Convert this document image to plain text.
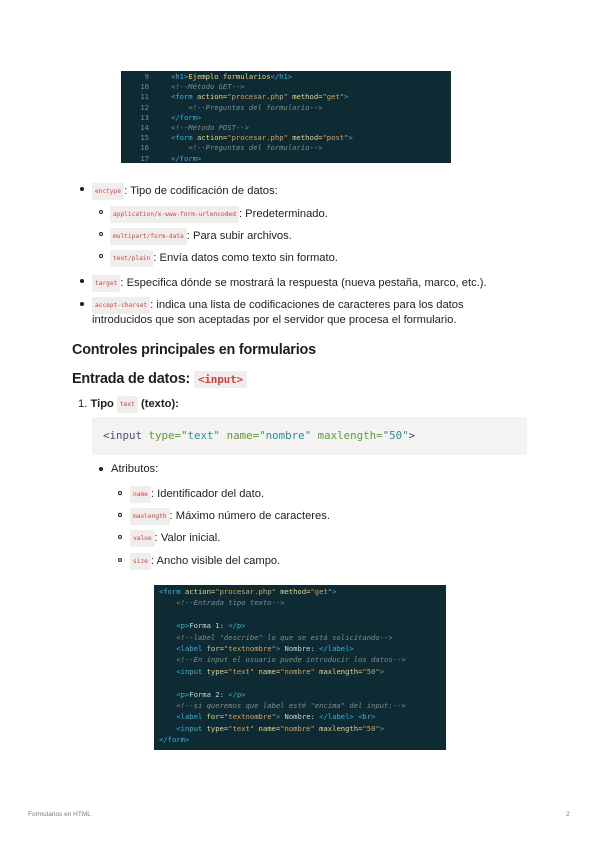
9	<h1>Ejemplo formularios</h1>
10	<!--Método GET-->
11	<form action="procesar.php" method="get">
12	<!--Preguntas del formulario-->
13	</form>
14	<!--Método POST-->
15	<form action="procesar.php" method="post">
16	<!--Preguntas del formulario-->
17	</form>
enctype : Tipo de codificación de datos:
application/x-www-form-urlencoded : Predeterminado.
multipart/form-data : Para subir archivos.
text/plain : Envía datos como texto sin formato.
target : Especifica dónde se mostrará la respuesta (nueva pestaña, marco, etc.).
accept-charset : indica una lista de codificaciones de caracteres para los datos
introducidos que son aceptadas por el servidor que procesa el formulario.
Controles principales en formularios
Entrada de datos: <input>
1. Tipo text (texto):
<input type="text" name="nombre" maxlength="50">
Atributos:
name : Identificador del dato.
maxlength : Máximo número de caracteres.
value : Valor inicial.
size : Ancho visible del campo.
<form action="procesar.php" method="get">
<!--Entrada tipo texto-->
<p>Forma 1: </p>
<!--label "describe" lo que se está solicitando-->
<label for="textnombre"> Nombre: </label>
<!--En input el usuario puede introducir los datos-->
<input type="text" name="nombre" maxlength="50">
<p>Forma 2: </p>
<!--si queremos que label esté "encima" del input:-->
<label for="textnombre"> Nombre: </label> <br>
<input type="text" name="nombre" maxlength="50">
</form>
Formularios en HTML	2
